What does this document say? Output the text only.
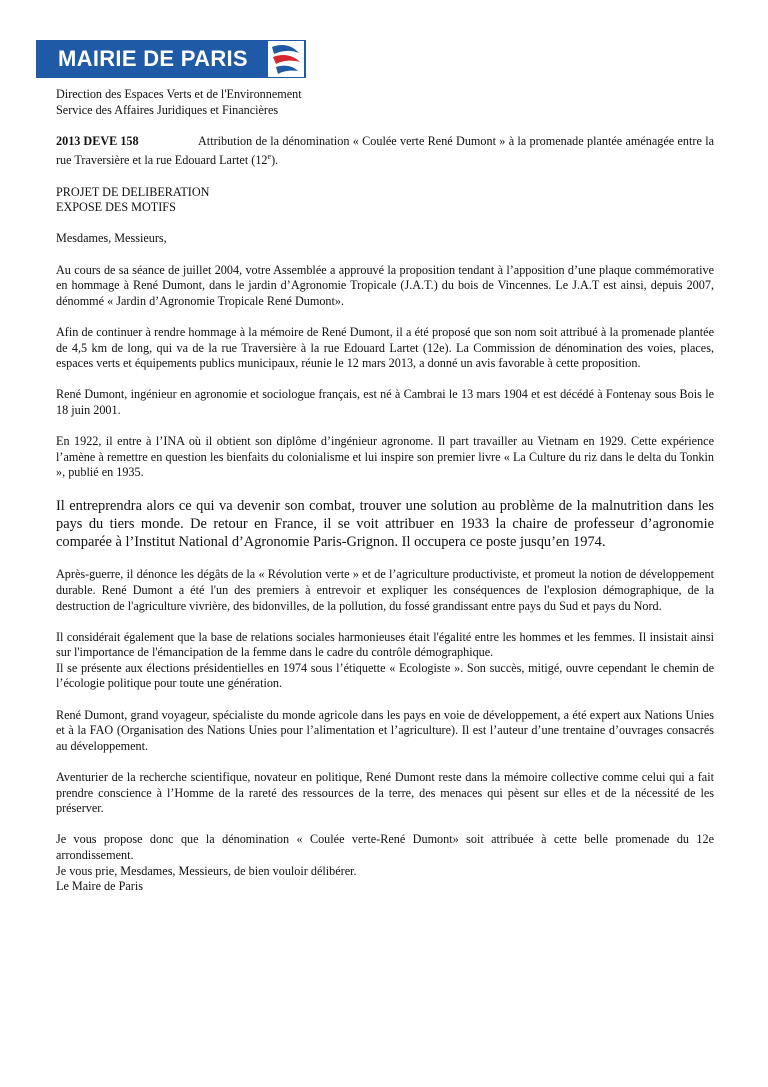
MAIRIE DE PARIS

Direction des Espaces Verts et de l'Environnement

Service des Affaires Juridiques et Financières

2013 DEVE 158	Attribution de la dénomination « Coulée verte René Dumont » à la promenade plantée aménagée entre la rue Traversière et la rue Edouard Lartet (12e).

PROJET DE DELIBERATION

EXPOSE DES MOTIFS

Mesdames, Messieurs,

Au cours de sa séance de juillet 2004, votre Assemblée a approuvé la proposition tendant à l’apposition d’une plaque commémorative en hommage à René Dumont, dans le jardin d’Agronomie Tropicale (J.A.T.) du bois de Vincennes. Le J.A.T est ainsi, depuis 2007, dénommé « Jardin d’Agronomie Tropicale René Dumont».

Afin de continuer à rendre hommage à la mémoire de René Dumont, il a été proposé que son nom soit attribué à la promenade plantée de 4,5 km de long, qui va de la rue Traversière à la rue Edouard Lartet (12e). La Commission de dénomination des voies, places, espaces verts et équipements publics municipaux, réunie le 12 mars 2013, a donné un avis favorable à cette proposition.

René Dumont, ingénieur en agronomie et sociologue français, est né à Cambrai le 13 mars 1904 et est décédé à Fontenay sous Bois le 18 juin 2001.

En 1922, il entre à l’INA où il obtient son diplôme d’ingénieur agronome. Il part travailler au Vietnam en 1929. Cette expérience l’amène à remettre en question les bienfaits du colonialisme et lui inspire son premier livre « La Culture du riz dans le delta du Tonkin », publié en 1935.

Il entreprendra alors ce qui va devenir son combat, trouver une solution au problème de la malnutrition dans les pays du tiers monde. De retour en France, il se voit attribuer en 1933 la chaire de professeur d’agronomie comparée à l’Institut National d’Agronomie Paris-Grignon. Il occupera ce poste jusqu’en 1974.

Après-guerre, il dénonce les dégâts de la « Révolution verte » et de l’agriculture productiviste, et promeut la notion de développement durable. René Dumont a été l'un des premiers à entrevoir et expliquer les conséquences de l'explosion démographique, de la destruction de l'agriculture vivrière, des bidonvilles, de la pollution, du fossé grandissant entre pays du Sud et pays du Nord.

Il considérait également que la base de relations sociales harmonieuses était l'égalité entre les hommes et les femmes. Il insistait ainsi sur l'importance de l'émancipation de la femme dans le cadre du contrôle démographique.

Il se présente aux élections présidentielles en 1974 sous l’étiquette « Ecologiste ». Son succès, mitigé, ouvre cependant le chemin de l’écologie politique pour toute une génération.

René Dumont, grand voyageur, spécialiste du monde agricole dans les pays en voie de développement, a été expert aux Nations Unies et à la FAO (Organisation des Nations Unies pour l’alimentation et l’agriculture). Il est l’auteur d’une trentaine d’ouvrages consacrés au développement.

Aventurier de la recherche scientifique, novateur en politique, René Dumont reste dans la mémoire collective comme celui qui a fait prendre conscience à l’Homme de la rareté des ressources de la terre, des menaces qui pèsent sur elles et de la nécessité de les préserver.

Je vous propose donc que la dénomination « Coulée verte-René Dumont» soit attribuée à cette belle promenade du 12e arrondissement.

Je vous prie, Mesdames, Messieurs, de bien vouloir délibérer.

Le Maire de Paris
